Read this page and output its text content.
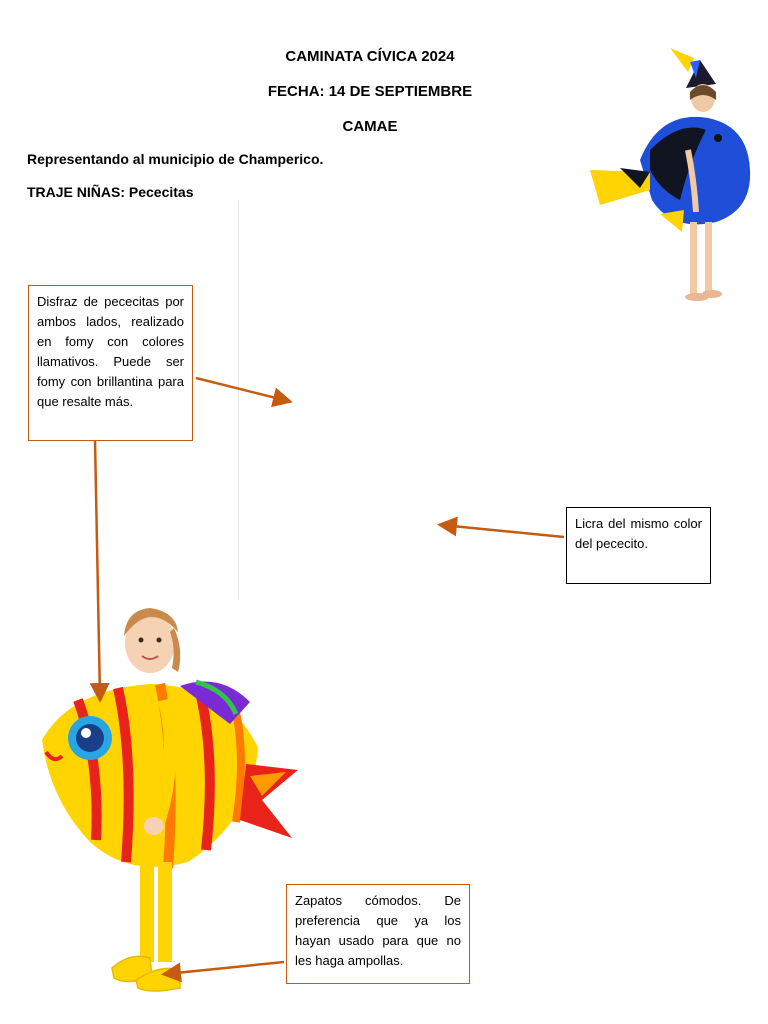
CAMINATA CÍVICA 2024
FECHA: 14 DE SEPTIEMBRE
CAMAE
Representando al municipio de Champerico.
TRAJE NIÑAS: Pececitas
Disfraz de pececitas por ambos lados, realizado en fomy con colores llamativos. Puede ser fomy con brillantina para que resalte más.
Licra del mismo color del pececito.
Zapatos cómodos. De preferencia que ya los hayan usado para que no les haga ampollas.
